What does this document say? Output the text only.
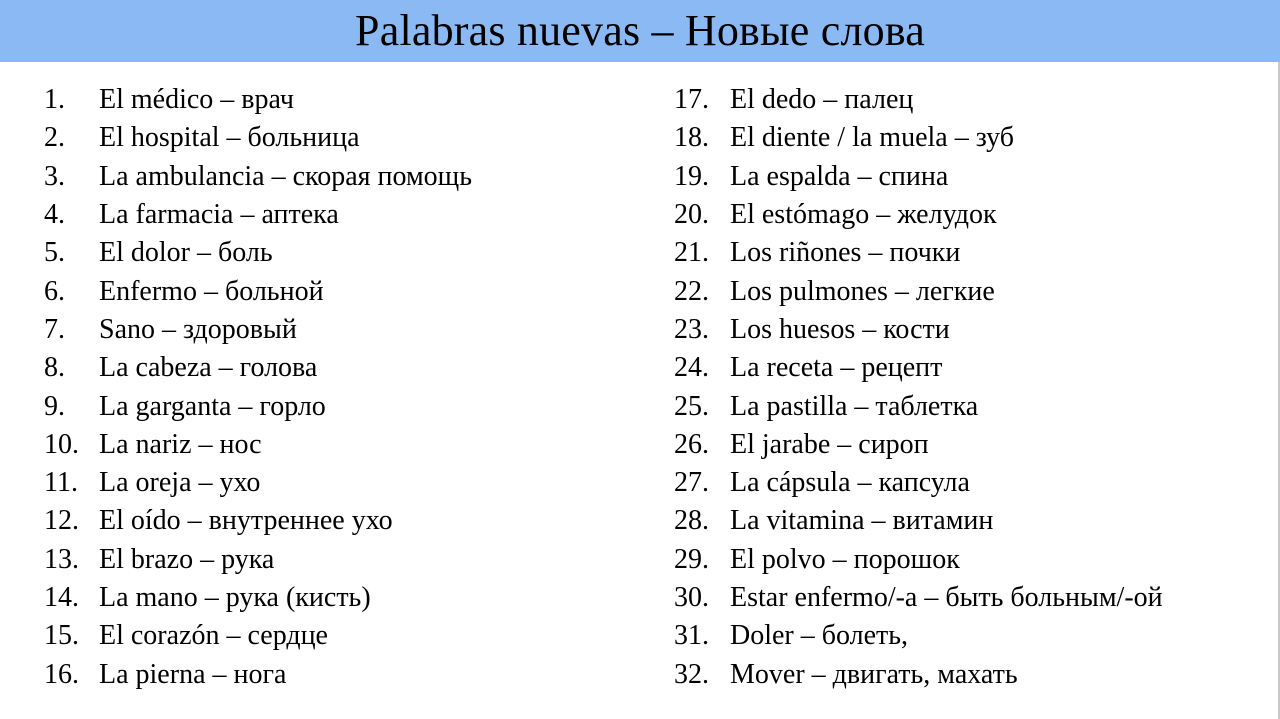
Palabras nuevas – Новые слова
1.	El médico – врач
2.	El hospital – больница
3.	La ambulancia – скорая помощь
4.	La farmacia – аптека
5.	El dolor – боль
6.	Enfermo – больной
7.	Sano – здоровый
8.	La cabeza – голова
9.	La garganta – горло
10. La nariz – нос
11. La oreja – ухо
12. El oído – внутреннее ухо
13. El brazo – рука
14. La mano – рука (кисть)
15. El corazón – сердце
16. La pierna – нога
17. El dedo – палец
18. El diente / la muela – зуб
19. La espalda – спина
20. El estómago – желудок
21. Los riñones – почки
22. Los pulmones – легкие
23. Los huesos – кости
24. La receta – рецепт
25. La pastilla – таблетка
26. El jarabe – сироп
27. La cápsula – капсула
28. La vitamina – витамин
29. El polvo – порошок
30. Estar enfermo/-a – быть больным/-ой
31. Doler – болеть,
32. Mover – двигать, махать
